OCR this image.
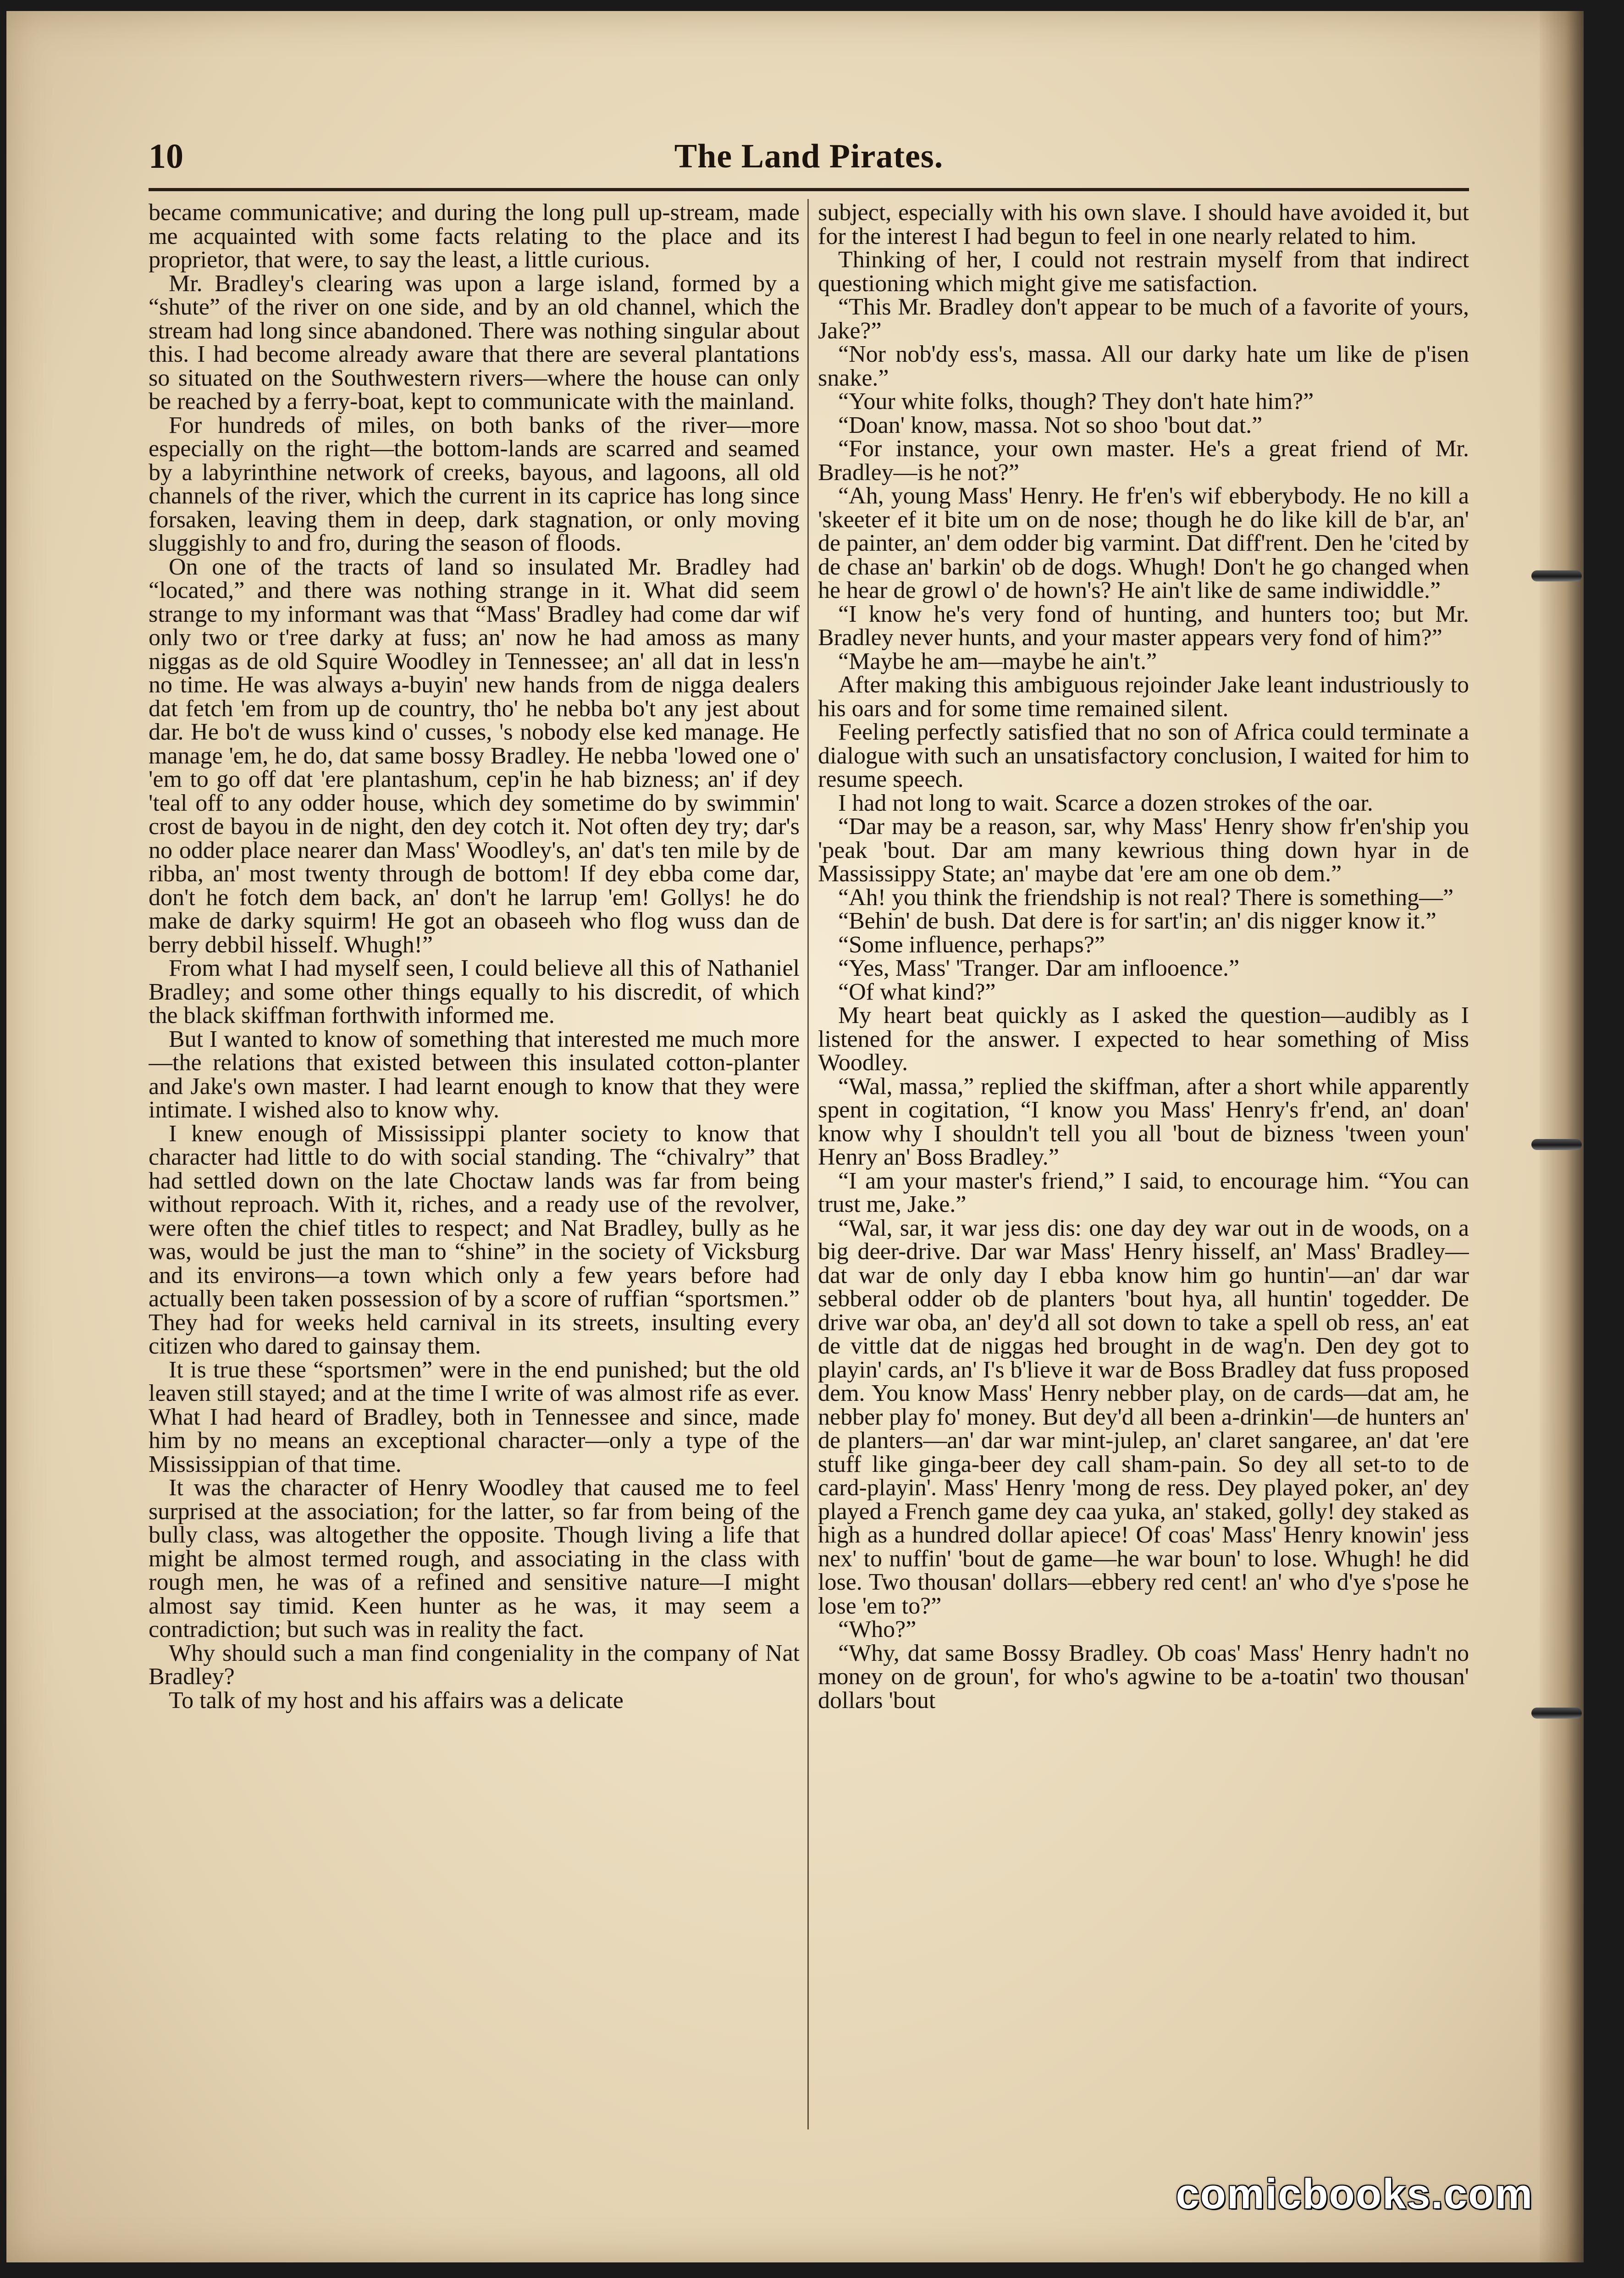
10	The Land Pirates.

became communicative; and during the long pull up-stream, made me acquainted with some facts relating to the place and its proprietor, that were, to say the least, a little curious.

Mr. Bradley's clearing was upon a large island, formed by a “shute” of the river on one side, and by an old channel, which the stream had long since abandoned. There was nothing singular about this. I had become already aware that there are several plantations so situated on the Southwestern rivers—where the house can only be reached by a ferry-boat, kept to communicate with the mainland.

For hundreds of miles, on both banks of the river—more especially on the right—the bottom-lands are scarred and seamed by a labyrinthine network of creeks, bayous, and lagoons, all old channels of the river, which the current in its caprice has long since forsaken, leaving them in deep, dark stagnation, or only moving sluggishly to and fro, during the season of floods.

On one of the tracts of land so insulated Mr. Bradley had “located,” and there was nothing strange in it. What did seem strange to my informant was that “Mass' Bradley had come dar wif only two or t'ree darky at fuss; an' now he had amoss as many niggas as de old Squire Woodley in Tennessee; an' all dat in less'n no time. He was always a-buyin' new hands from de nigga dealers dat fetch 'em from up de country, tho' he nebba bo't any jest about dar. He bo't de wuss kind o' cusses, 's nobody else ked manage. He manage 'em, he do, dat same bossy Bradley. He nebba 'lowed one o' 'em to go off dat 'ere plantashum, cep'in he hab bizness; an' if dey 'teal off to any odder house, which dey sometime do by swimmin' crost de bayou in de night, den dey cotch it. Not often dey try; dar's no odder place nearer dan Mass' Woodley's, an' dat's ten mile by de ribba, an' most twenty through de bottom! If dey ebba come dar, don't he fotch dem back, an' don't he larrup 'em! Gollys! he do make de darky squirm! He got an obaseeh who flog wuss dan de berry debbil hisself. Whugh!”

From what I had myself seen, I could believe all this of Nathaniel Bradley; and some other things equally to his discredit, of which the black skiffman forthwith informed me.

But I wanted to know of something that interested me much more—the relations that existed between this insulated cotton-planter and Jake's own master. I had learnt enough to know that they were intimate. I wished also to know why.

I knew enough of Mississippi planter society to know that character had little to do with social standing. The “chivalry” that had settled down on the late Choctaw lands was far from being without reproach. With it, riches, and a ready use of the revolver, were often the chief titles to respect; and Nat Bradley, bully as he was, would be just the man to “shine” in the society of Vicksburg and its environs—a town which only a few years before had actually been taken possession of by a score of ruffian “sportsmen.” They had for weeks held carnival in its streets, insulting every citizen who dared to gainsay them.

It is true these “sportsmen” were in the end punished; but the old leaven still stayed; and at the time I write of was almost rife as ever. What I had heard of Bradley, both in Tennessee and since, made him by no means an exceptional character—only a type of the Mississippian of that time.

It was the character of Henry Woodley that caused me to feel surprised at the association; for the latter, so far from being of the bully class, was altogether the opposite. Though living a life that might be almost termed rough, and associating in the class with rough men, he was of a refined and sensitive nature—I might almost say timid. Keen hunter as he was, it may seem a contradiction; but such was in reality the fact.

Why should such a man find congeniality in the company of Nat Bradley?

To talk of my host and his affairs was a delicate

subject, especially with his own slave. I should have avoided it, but for the interest I had begun to feel in one nearly related to him.

Thinking of her, I could not restrain myself from that indirect questioning which might give me satisfaction.

“This Mr. Bradley don't appear to be much of a favorite of yours, Jake?”

“Nor nob'dy ess's, massa. All our darky hate um like de p'isen snake.”

“Your white folks, though? They don't hate him?”

“Doan' know, massa. Not so shoo 'bout dat.”

“For instance, your own master. He's a great friend of Mr. Bradley—is he not?”

“Ah, young Mass' Henry. He fr'en's wif ebberybody. He no kill a 'skeeter ef it bite um on de nose; though he do like kill de b'ar, an' de painter, an' dem odder big varmint. Dat diff'rent. Den he 'cited by de chase an' barkin' ob de dogs. Whugh! Don't he go changed when he hear de growl o' de hown's? He ain't like de same indiwiddle.”

“I know he's very fond of hunting, and hunters too; but Mr. Bradley never hunts, and your master appears very fond of him?”

“Maybe he am—maybe he ain't.”

After making this ambiguous rejoinder Jake leant industriously to his oars and for some time remained silent.

Feeling perfectly satisfied that no son of Africa could terminate a dialogue with such an unsatisfactory conclusion, I waited for him to resume speech.

I had not long to wait. Scarce a dozen strokes of the oar.

“Dar may be a reason, sar, why Mass' Henry show fr'en'ship you 'peak 'bout. Dar am many kewrious thing down hyar in de Massissippy State; an' maybe dat 'ere am one ob dem.”

“Ah! you think the friendship is not real? There is something—”

“Behin' de bush. Dat dere is for sart'in; an' dis nigger know it.”

“Some influence, perhaps?”

“Yes, Mass' 'Tranger. Dar am inflooence.”

“Of what kind?”

My heart beat quickly as I asked the question—audibly as I listened for the answer. I expected to hear something of Miss Woodley.

“Wal, massa,” replied the skiffman, after a short while apparently spent in cogitation, “I know you Mass' Henry's fr'end, an' doan' know why I shouldn't tell you all 'bout de bizness 'tween youn' Henry an' Boss Bradley.”

“I am your master's friend,” I said, to encourage him. “You can trust me, Jake.”

“Wal, sar, it war jess dis: one day dey war out in de woods, on a big deer-drive. Dar war Mass' Henry hisself, an' Mass' Bradley—dat war de only day I ebba know him go huntin'—an' dar war sebberal odder ob de planters 'bout hya, all huntin' togedder. De drive war oba, an' dey'd all sot down to take a spell ob ress, an' eat de vittle dat de niggas hed brought in de wag'n. Den dey got to playin' cards, an' I's b'lieve it war de Boss Bradley dat fuss proposed dem. You know Mass' Henry nebber play, on de cards—dat am, he nebber play fo' money. But dey'd all been a-drinkin'—de hunters an' de planters—an' dar war mint-julep, an' claret sangaree, an' dat 'ere stuff like ginga-beer dey call sham-pain. So dey all set-to to de card-playin'. Mass' Henry 'mong de ress. Dey played poker, an' dey played a French game dey caa yuka, an' staked, golly! dey staked as high as a hundred dollar apiece! Of coas' Mass' Henry knowin' jess nex' to nuffin' 'bout de game—he war boun' to lose. Whugh! he did lose. Two thousan' dollars—ebbery red cent! an' who d'ye s'pose he lose 'em to?”

“Who?”

“Why, dat same Bossy Bradley. Ob coas' Mass' Henry hadn't no money on de groun', for who's agwine to be a-toatin' two thousan' dollars 'bout

comicbooks.com
